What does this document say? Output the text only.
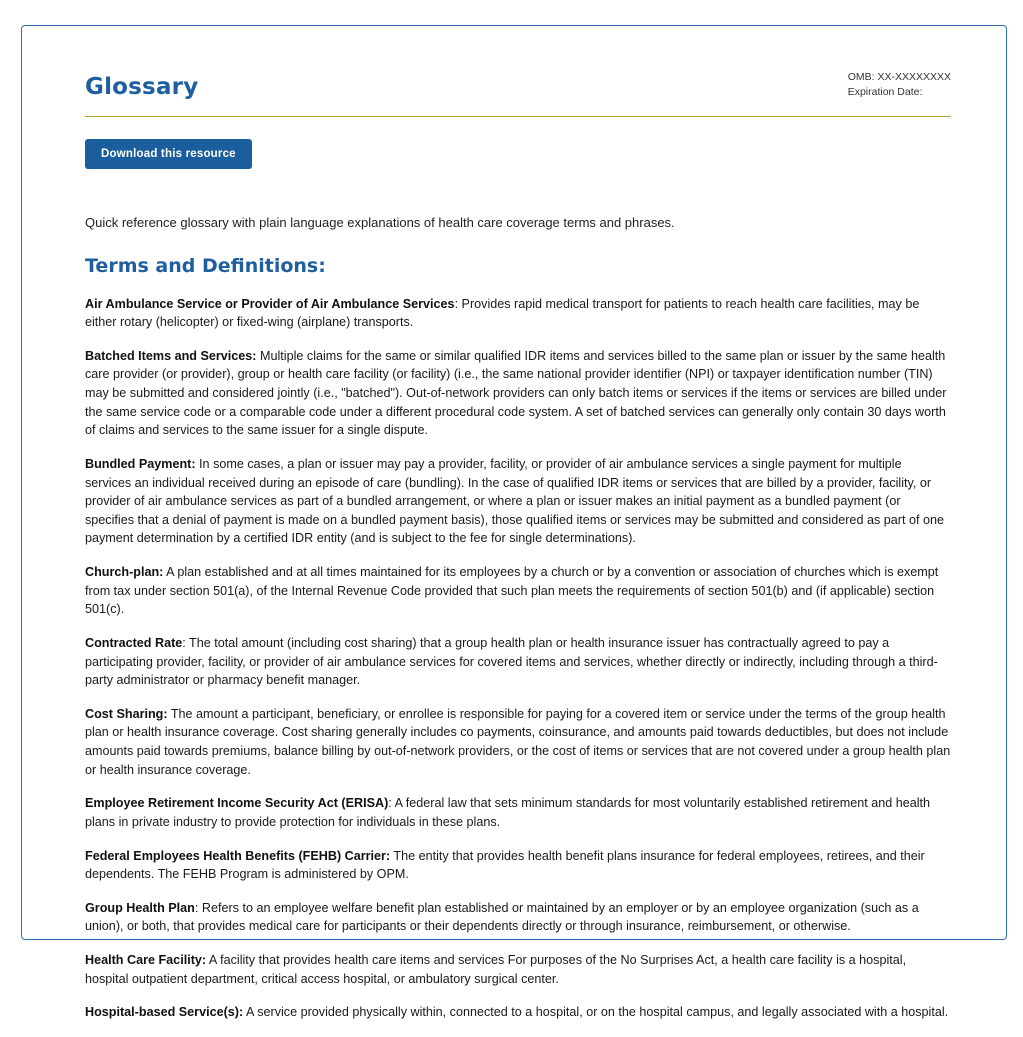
Glossary	OMB: XX-XXXXXXXX
Expiration Date:
Download this resource

Quick reference glossary with plain language explanations of health care coverage terms and phrases.

Terms and Definitions:

Air Ambulance Service or Provider of Air Ambulance Services: Provides rapid medical transport for patients to reach health care facilities, may be either rotary (helicopter) or fixed-wing (airplane) transports.

Batched Items and Services: Multiple claims for the same or similar qualified IDR items and services billed to the same plan or issuer by the same health care provider (or provider), group or health care facility (or facility) (i.e., the same national provider identifier (NPI) or taxpayer identification number (TIN) may be submitted and considered jointly (i.e., "batched"). Out-of-network providers can only batch items or services if the items or services are billed under the same service code or a comparable code under a different procedural code system. A set of batched services can generally only contain 30 days worth of claims and services to the same issuer for a single dispute.

Bundled Payment: In some cases, a plan or issuer may pay a provider, facility, or provider of air ambulance services a single payment for multiple services an individual received during an episode of care (bundling). In the case of qualified IDR items or services that are billed by a provider, facility, or provider of air ambulance services as part of a bundled arrangement, or where a plan or issuer makes an initial payment as a bundled payment (or specifies that a denial of payment is made on a bundled payment basis), those qualified items or services may be submitted and considered as part of one payment determination by a certified IDR entity (and is subject to the fee for single determinations).

Church-plan: A plan established and at all times maintained for its employees by a church or by a convention or association of churches which is exempt from tax under section 501(a), of the Internal Revenue Code provided that such plan meets the requirements of section 501(b) and (if applicable) section 501(c).

Contracted Rate: The total amount (including cost sharing) that a group health plan or health insurance issuer has contractually agreed to pay a participating provider, facility, or provider of air ambulance services for covered items and services, whether directly or indirectly, including through a third-party administrator or pharmacy benefit manager.

Cost Sharing: The amount a participant, beneficiary, or enrollee is responsible for paying for a covered item or service under the terms of the group health plan or health insurance coverage. Cost sharing generally includes co payments, coinsurance, and amounts paid towards deductibles, but does not include amounts paid towards premiums, balance billing by out-of-network providers, or the cost of items or services that are not covered under a group health plan or health insurance coverage.

Employee Retirement Income Security Act (ERISA): A federal law that sets minimum standards for most voluntarily established retirement and health plans in private industry to provide protection for individuals in these plans.

Federal Employees Health Benefits (FEHB) Carrier: The entity that provides health benefit plans insurance for federal employees, retirees, and their dependents. The FEHB Program is administered by OPM.

Group Health Plan: Refers to an employee welfare benefit plan established or maintained by an employer or by an employee organization (such as a union), or both, that provides medical care for participants or their dependents directly or through insurance, reimbursement, or otherwise.

Health Care Facility: A facility that provides health care items and services For purposes of the No Surprises Act, a health care facility is a hospital, hospital outpatient department, critical access hospital, or ambulatory surgical center.

Hospital-based Service(s): A service provided physically within, connected to a hospital, or on the hospital campus, and legally associated with a hospital.
